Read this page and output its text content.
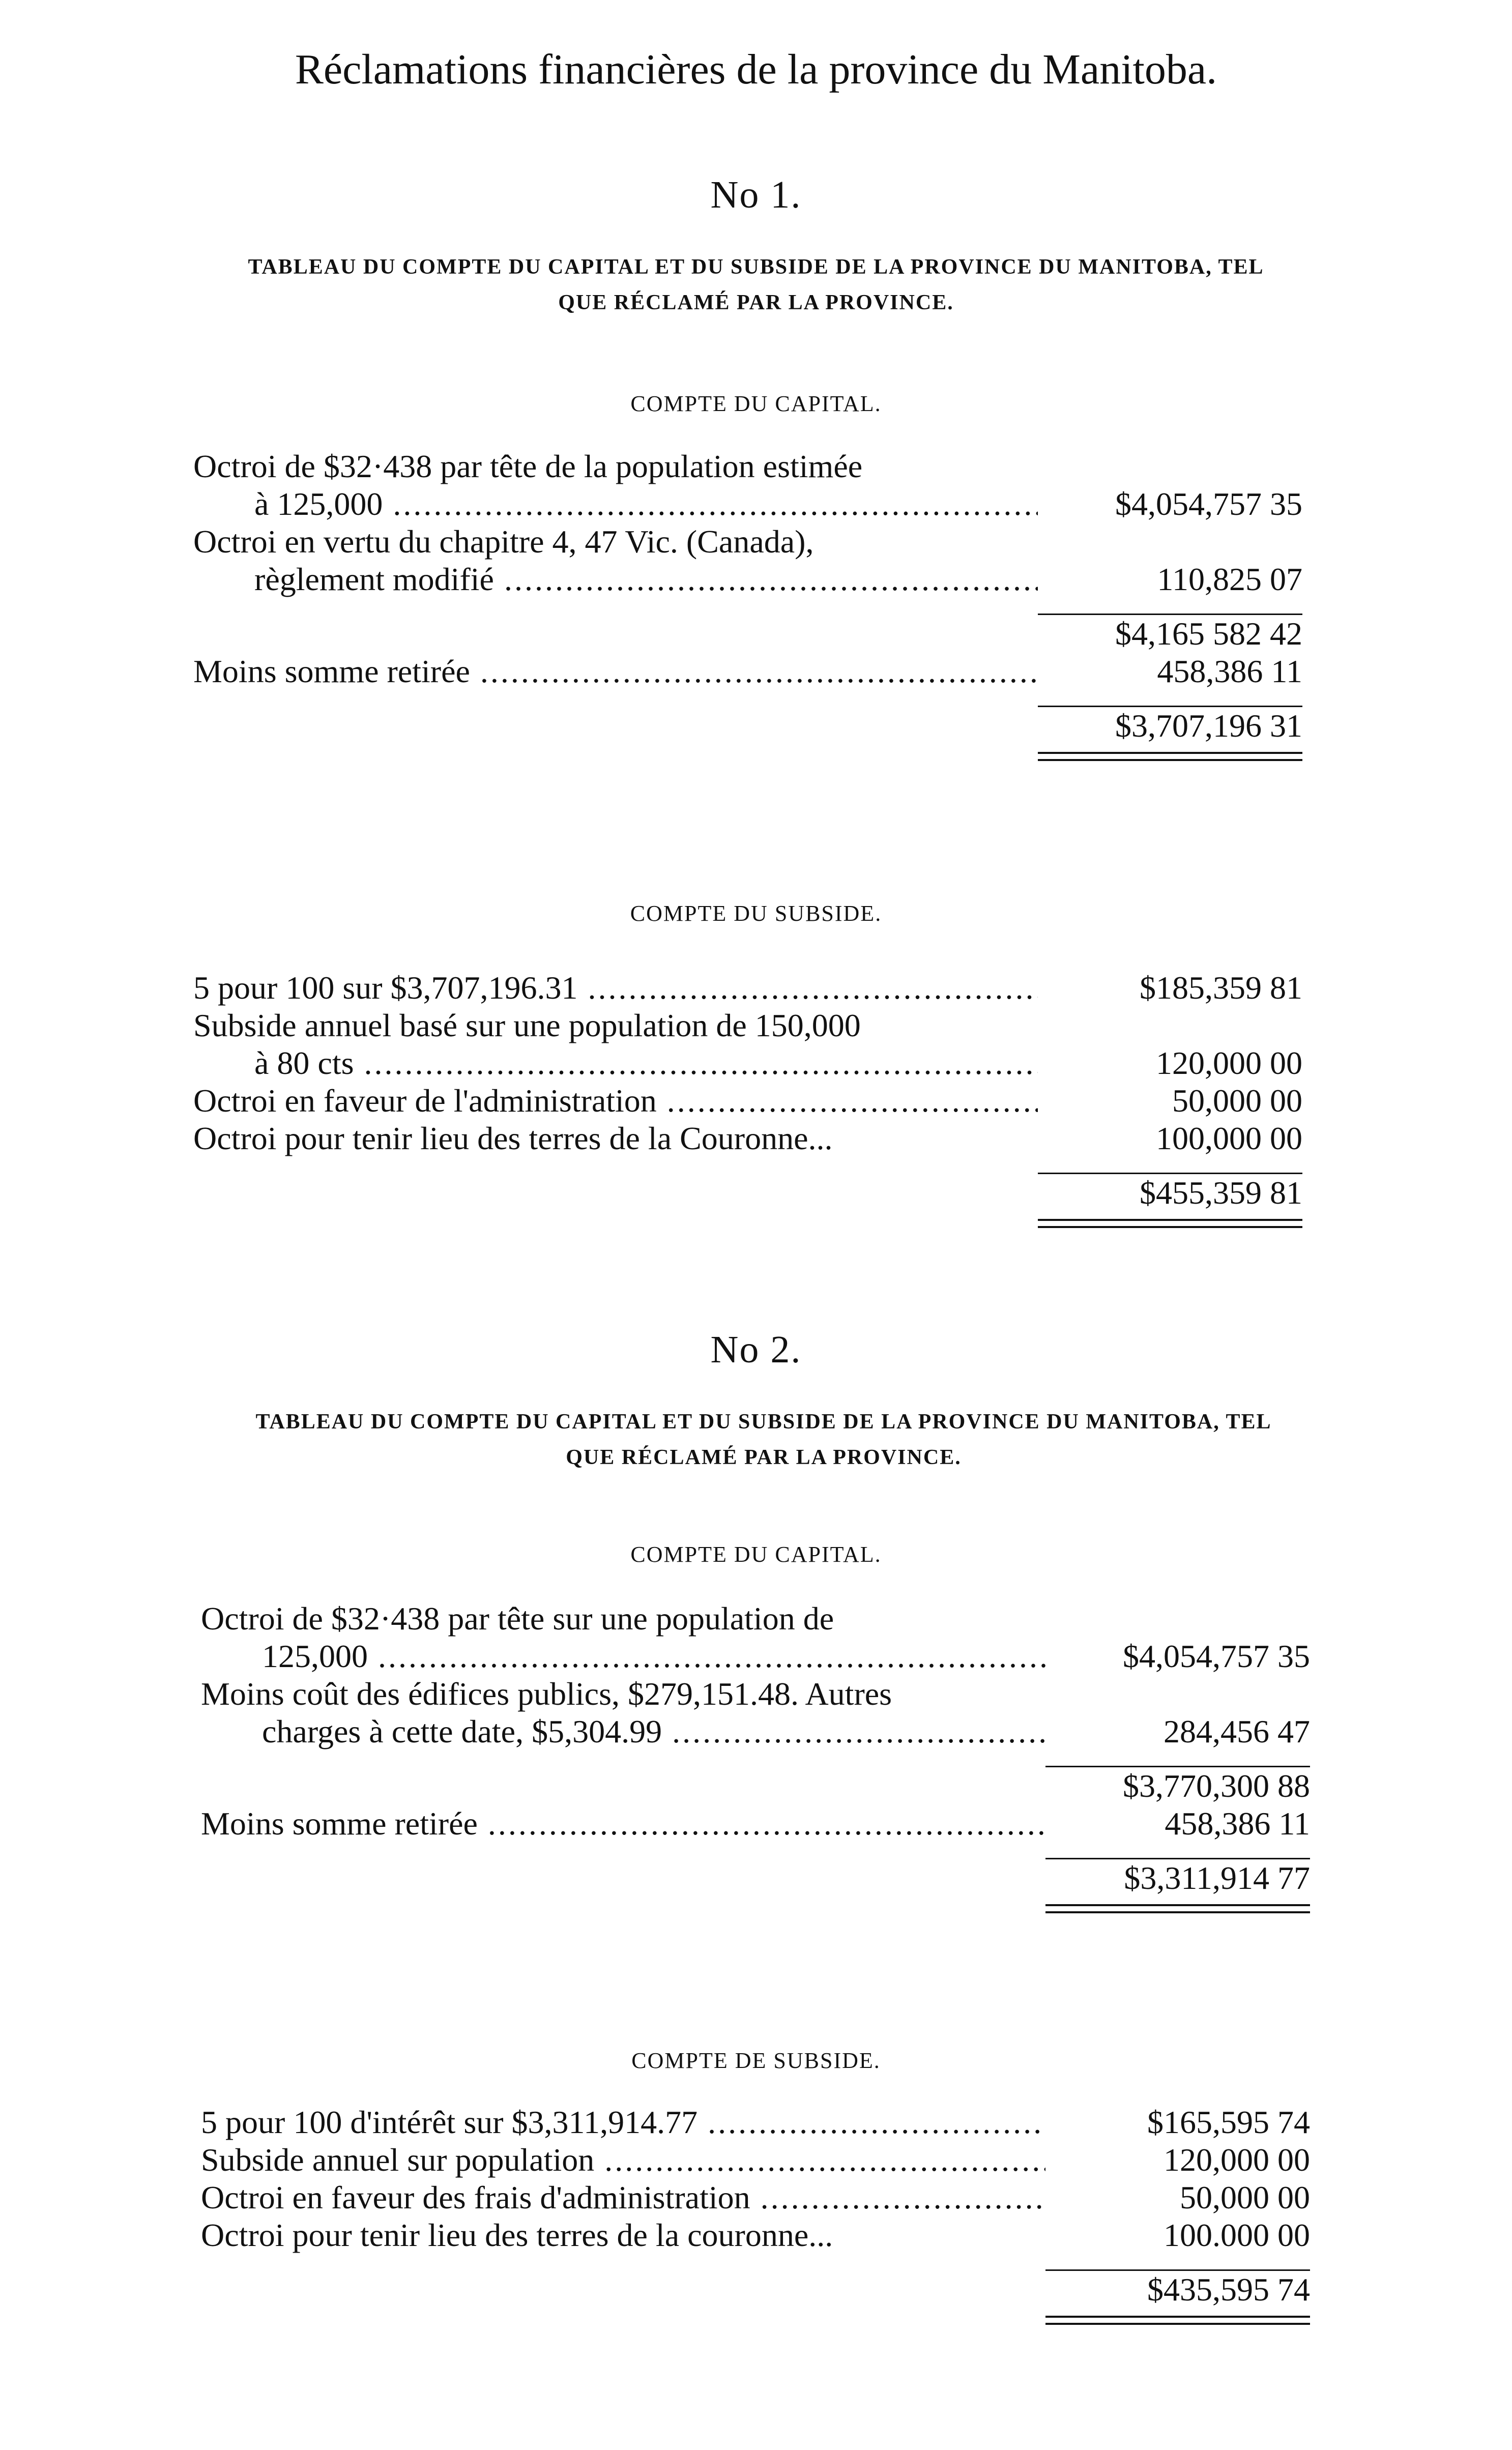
Réclamations financières de la province du Manitoba.
No 1.
TABLEAU DU COMPTE DU CAPITAL ET DU SUBSIDE DE LA PROVINCE DU MANITOBA, TEL
QUE RÉCLAMÉ PAR LA PROVINCE.
COMPTE DU CAPITAL.
Octroi de $32·438 par tête de la population estimée
à 125,000 .....	$4,054,757 35
Octroi en vertu du chapitre 4, 47 Vic. (Canada),
règlement modifié .....	110,825 07
$4,165 582 42
Moins somme retirée .....	458,386 11
$3,707,196 31
COMPTE DU SUBSIDE.
5 pour 100 sur $3,707,196.31 .....	$185,359 81
Subside annuel basé sur une population de 150,000
à 80 cts .....	120,000 00
Octroi en faveur de l'administration .....	50,000 00
Octroi pour tenir lieu des terres de la Couronne...	100,000 00
$455,359 81
No 2.
TABLEAU DU COMPTE DU CAPITAL ET DU SUBSIDE DE LA PROVINCE DU MANITOBA, TEL
QUE RÉCLAMÉ PAR LA PROVINCE.
COMPTE DU CAPITAL.
Octroi de $32·438 par tête sur une population de
125,000 .....	$4,054,757 35
Moins coût des édifices publics, $279,151.48. Autres
charges à cette date, $5,304.99 .....	284,456 47
$3,770,300 88
Moins somme retirée .....	458,386 11
$3,311,914 77
COMPTE DE SUBSIDE.
5 pour 100 d'intérêt sur $3,311,914.77 .....	$165,595 74
Subside annuel sur population .....	120,000 00
Octroi en faveur des frais d'administration .....	50,000 00
Octroi pour tenir lieu des terres de la couronne...	100.000 00
$435,595 74
